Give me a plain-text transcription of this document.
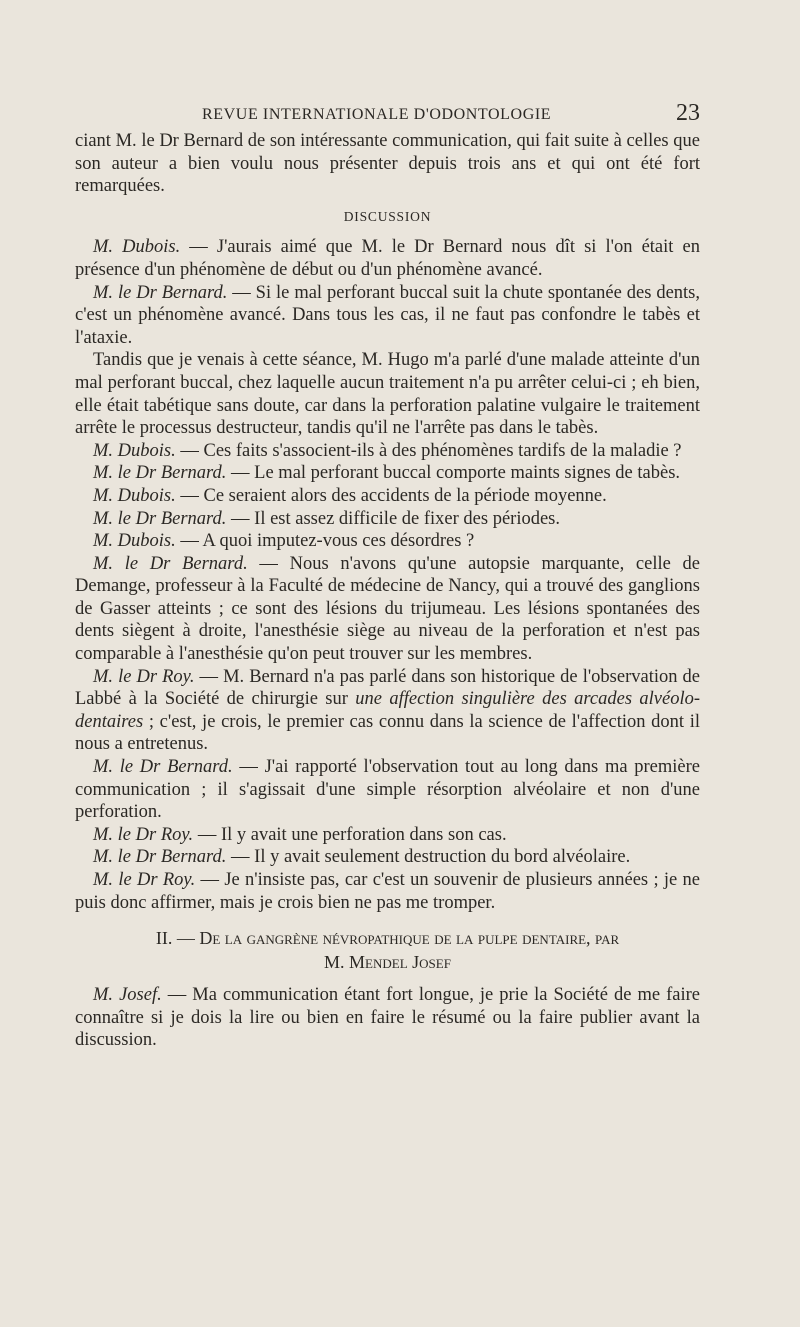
REVUE INTERNATIONALE D'ODONTOLOGIE	23

ciant M. le Dr Bernard de son intéressante communication, qui fait suite à celles que son auteur a bien voulu nous présenter depuis trois ans et qui ont été fort remarquées.

DISCUSSION

M. Dubois. — J'aurais aimé que M. le Dr Bernard nous dît si l'on était en présence d'un phénomène de début ou d'un phénomène avancé.

M. le Dr Bernard. — Si le mal perforant buccal suit la chute spontanée des dents, c'est un phénomène avancé. Dans tous les cas, il ne faut pas confondre le tabès et l'ataxie.

Tandis que je venais à cette séance, M. Hugo m'a parlé d'une malade atteinte d'un mal perforant buccal, chez laquelle aucun traitement n'a pu arrêter celui-ci ; eh bien, elle était tabétique sans doute, car dans la perforation palatine vulgaire le traitement arrête le processus destructeur, tandis qu'il ne l'arrête pas dans le tabès.

M. Dubois. — Ces faits s'associent-ils à des phénomènes tardifs de la maladie ?

M. le Dr Bernard. — Le mal perforant buccal comporte maints signes de tabès.

M. Dubois. — Ce seraient alors des accidents de la période moyenne.

M. le Dr Bernard. — Il est assez difficile de fixer des périodes.

M. Dubois. — A quoi imputez-vous ces désordres ?

M. le Dr Bernard. — Nous n'avons qu'une autopsie marquante, celle de Demange, professeur à la Faculté de médecine de Nancy, qui a trouvé des ganglions de Gasser atteints ; ce sont des lésions du trijumeau. Les lésions spontanées des dents siègent à droite, l'anesthésie siège au niveau de la perforation et n'est pas comparable à l'anesthésie qu'on peut trouver sur les membres.

M. le Dr Roy. — M. Bernard n'a pas parlé dans son historique de l'observation de Labbé à la Société de chirurgie sur une affection singulière des arcades alvéolo-dentaires ; c'est, je crois, le premier cas connu dans la science de l'affection dont il nous a entretenus.

M. le Dr Bernard. — J'ai rapporté l'observation tout au long dans ma première communication ; il s'agissait d'une simple résorption alvéolaire et non d'une perforation.

M. le Dr Roy. — Il y avait une perforation dans son cas.

M. le Dr Bernard. — Il y avait seulement destruction du bord alvéolaire.

M. le Dr Roy. — Je n'insiste pas, car c'est un souvenir de plusieurs années ; je ne puis donc affirmer, mais je crois bien ne pas me tromper.

II. — De la gangrène névropathique de la pulpe dentaire, par
M. Mendel Josef

M. Josef. — Ma communication étant fort longue, je prie la Société de me faire connaître si je dois la lire ou bien en faire le résumé ou la faire publier avant la discussion.
